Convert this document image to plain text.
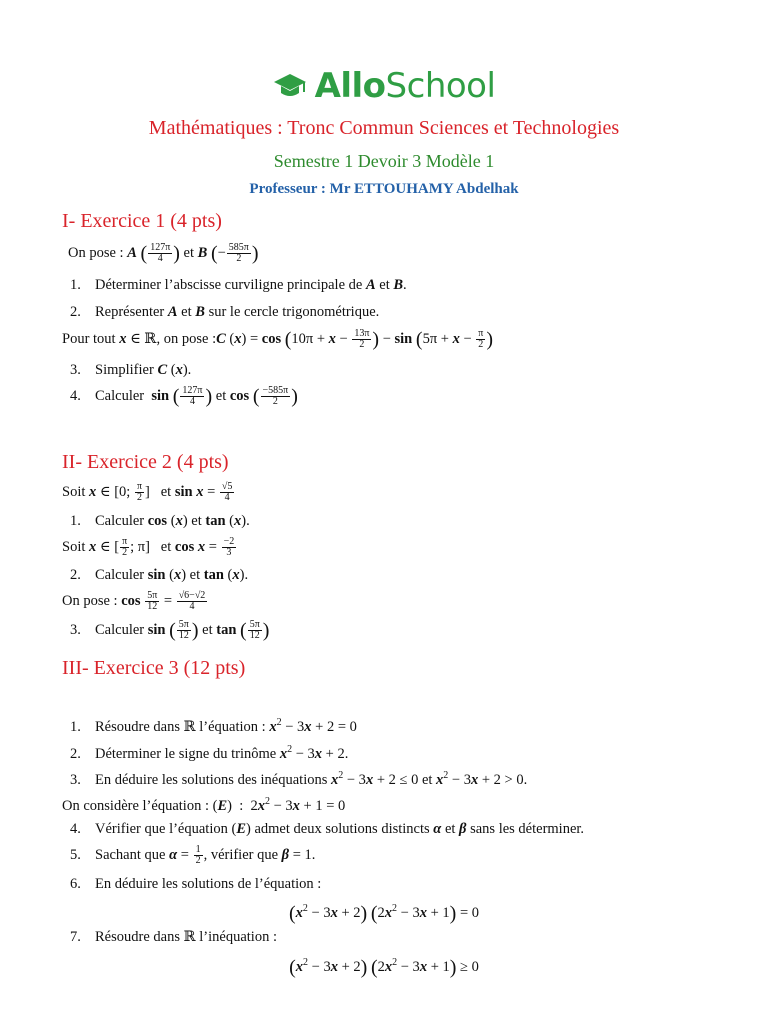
AlloSchool
Mathématiques : Tronc Commun Sciences et Technologies
Semestre 1 Devoir 3 Modèle 1
Professeur : Mr ETTOUHAMY Abdelhak
I- Exercice 1 (4 pts)
On pose : A ( $\frac{127\pi}{4}$ ) et B (− $\frac{585\pi}{2}$ )
1. Déterminer l’abscisse curviligne principale de A et B.
2. Représenter A et B sur le cercle trigonométrique.
Pour tout x ∈ ℝ, on pose :C $(x) = \cos (10\pi + x - \frac{13\pi}{2}$ ) − $\sin (5\pi + x - \frac{\pi}{2}$ )
3. Simplifier C (x).
4. Calculer sin ( $\frac{127\pi}{4}$ ) et cos ( $\frac{-585\pi}{2}$ )
II- Exercice 2 (4 pts)
Soit x ∈ [0; $\frac{\pi}{2}$ ]   et $\sin x = \frac{√5}{4}$
1. Calculer cos (x) et tan (x).
Soit x ∈ [ $\frac{\pi}{2}$ ; π]   et $\cos x = \frac{-2}{3}$
2. Calculer sin (x) et tan (x).
On pose : $\cos \frac{5\pi}{12} = \frac{√6-√2}{4}$
3. Calculer sin ( $\frac{5\pi}{12}$ ) et tan ( $\frac{5\pi}{12}$ )
III- Exercice 3 (12 pts)
1. Résoudre dans ℝ l’équation : $x^2 - 3x + 2 = 0$
2. Déterminer le signe du trinôme $x^2 - 3x + 2$.
3. En déduire les solutions des inéquations $x^2 - 3x + 2 \le 0$ et $x^2 - 3x + 2 > 0$.
On considère l’équation : (E)  :  $2x^2 - 3x + 1 = 0$
4. Vérifier que l’équation (E) admet deux solutions distincts α et β sans les déterminer.
5. Sachant que $\alpha = \frac{1}{2}$ , vérifier que β = 1.
6. En déduire les solutions de l’équation :
$(x^2 - 3x + 2) (2x^2 - 3x + 1) = 0$
7. Résoudre dans ℝ l’inéquation :
$(x^2 - 3x + 2) (2x^2 - 3x + 1) \ge 0$
